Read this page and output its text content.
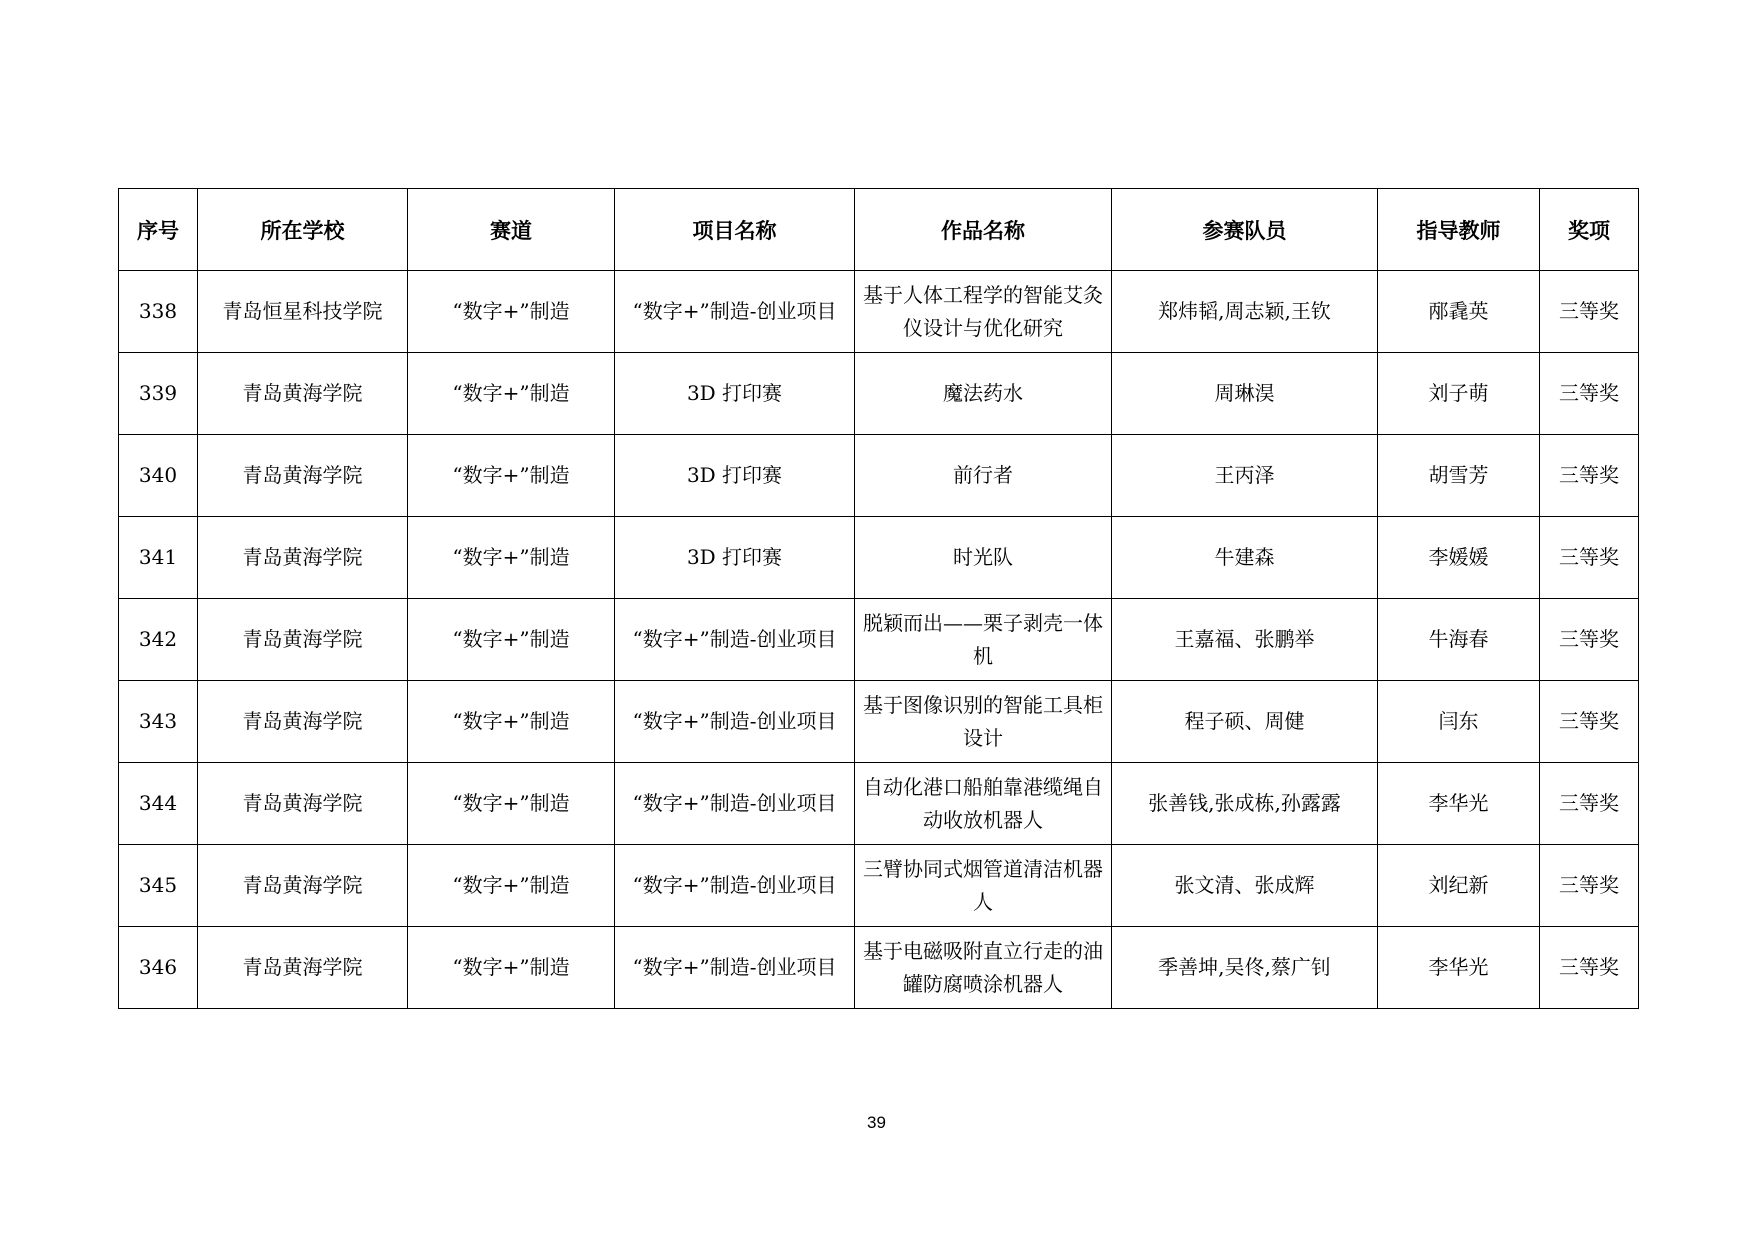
序号	所在学校	赛道	项目名称	作品名称	参赛队员	指导教师	奖项
338	青岛恒星科技学院	“数字+”制造	“数字+”制造-创业项目	基于人体工程学的智能艾灸仪设计与优化研究	郑炜韬,周志颖,王钦	邴毳英	三等奖
339	青岛黄海学院	“数字+”制造	3D 打印赛	魔法药水	周琳淏	刘子萌	三等奖
340	青岛黄海学院	“数字+”制造	3D 打印赛	前行者	王丙泽	胡雪芳	三等奖
341	青岛黄海学院	“数字+”制造	3D 打印赛	时光队	牛建森	李媛媛	三等奖
342	青岛黄海学院	“数字+”制造	“数字+”制造-创业项目	脱颖而出——栗子剥壳一体机	王嘉福、张鹏举	牛海春	三等奖
343	青岛黄海学院	“数字+”制造	“数字+”制造-创业项目	基于图像识别的智能工具柜设计	程子硕、周健	闫东	三等奖
344	青岛黄海学院	“数字+”制造	“数字+”制造-创业项目	自动化港口船舶靠港缆绳自动收放机器人	张善钱,张成栋,孙露露	李华光	三等奖
345	青岛黄海学院	“数字+”制造	“数字+”制造-创业项目	三臂协同式烟管道清洁机器人	张文清、张成辉	刘纪新	三等奖
346	青岛黄海学院	“数字+”制造	“数字+”制造-创业项目	基于电磁吸附直立行走的油罐防腐喷涂机器人	季善坤,吴佟,蔡广钊	李华光	三等奖
39
